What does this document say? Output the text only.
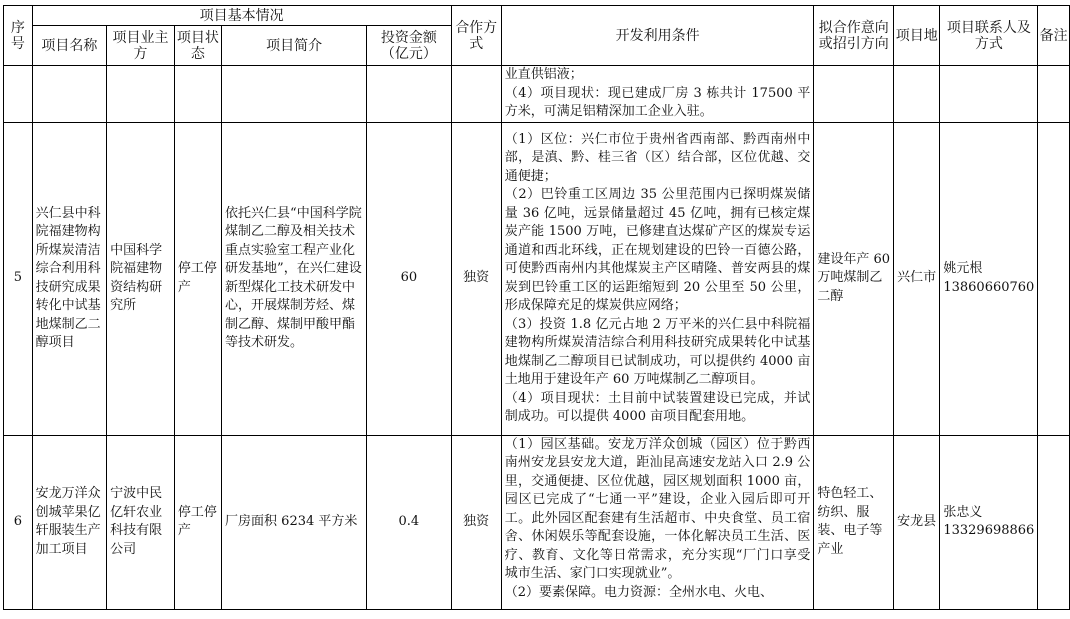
序号	项目基本情况					合作方式	开发利用条件	拟合作意向或招引方向	项目地	项目联系人及方式	备注
	项目名称	项目业主方	项目状态	项目简介	投资金额（亿元）						

							业直供铝液；

（4）项目现状：现已建成厂房 3 栋共计 17500 平方米，可满足铝精深加工企业入驻。				

5	兴仁县中科院福建物构所煤炭清洁综合利用科技研究成果转化中试基地煤制乙二醇项目	中国科学院福建物资结构研究所	停工停产	依托兴仁县“中国科学院煤制乙二醇及相关技术重点实验室工程产业化研发基地”，在兴仁建设新型煤化工技术研发中心，开展煤制芳烃、煤制乙醇、煤制甲酸甲酯等技术研发。	60	独资	（1）区位：兴仁市位于贵州省西南部、黔西南州中部，是滇、黔、桂三省（区）结合部，区位优越、交通便捷；

（2）巴铃重工区周边 35 公里范围内已探明煤炭储量 36 亿吨，远景储量超过 45 亿吨，拥有已核定煤炭产能 1500 万吨，已修建直达煤矿产区的煤炭专运通道和西北环线，正在规划建设的巴铃一百德公路，可使黔西南州内其他煤炭主产区晴隆、普安两县的煤炭到巴铃重工区的运距缩短到 20 公里至 50 公里，形成保障充足的煤炭供应网络；

（3）投资 1.8 亿元占地 2 万平米的兴仁县中科院福建物构所煤炭清洁综合利用科技研究成果转化中试基地煤制乙二醇项目已试制成功，可以提供约 4000 亩土地用于建设年产 60 万吨煤制乙二醇项目。

（4）项目现状：土目前中试装置建设已完成，并试制成功。可以提供 4000 亩项目配套用地。	建设年产 60 万吨煤制乙二醇	兴仁市	姚元根 13860660760	
6	安龙万洋众创城苹果亿轩服装生产加工项目	宁波中民亿轩农业科技有限公司	停工停产	厂房面积 6234 平方米	0.4	独资	（1）园区基础。安龙万洋众创城（园区）位于黔西南州安龙县安龙大道，距汕昆高速安龙站入口 2.9 公里，交通便捷、区位优越，园区规划面积 1000 亩，园区已完成了“七通一平”建设，企业入园后即可开工。此外园区配套建有生活超市、中央食堂、员工宿舍、休闲娱乐等配套设施，一体化解决员工生活、医疗、教育、文化等日常需求，充分实现“厂门口享受城市生活、家门口实现就业”。

（2）要素保障。电力资源：全州水电、火电、	特色轻工、纺织、服装、电子等产业	安龙县	张忠义 13329698866	
